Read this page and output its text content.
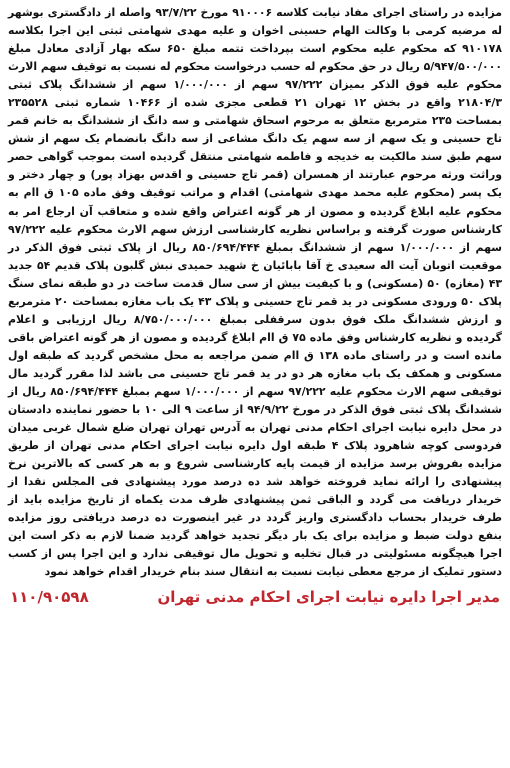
مزایده در راستای اجرای مفاد نیابت کلاسه ۹۱۰۰۰۶ مورخ ۹۳/۷/۲۲ واصله از دادگستری بوشهر له مرضیه کرمی با وکالت الهام حسینی اخوان و علیه مهدی شهامتی ثبتی این اجرا بکلاسه ۹۱۰۱۷۸ که محکوم علیه محکوم است بپرداخت تتمه مبلغ ۶۵۰ سکه بهار آزادی معادل مبلغ ۵/۹۴۷/۵۰۰/۰۰۰ ریال در حق محکوم له حسب درخواست محکوم له نسبت به توقیف سهم الارث محکوم علیه فوق الذکر بمیزان ۹۷/۲۲۲ سهم از ۱/۰۰۰/۰۰۰ سهم از ششدانگ پلاک ثبتی ۲۱۸۰۴/۳ واقع در بخش ۱۲ تهران ۲۱ قطعی مجزی شده از ۱۰۴۶۶ شماره ثبتی ۲۳۵۵۲۸ بمساحت ۲۳۵ مترمربع متعلق به مرحوم اسحاق شهامتی و سه دانگ از ششدانگ به خانم قمر تاج حسینی و یک سهم از سه سهم یک دانگ مشاعی از سه دانگ بانضمام یک سهم از شش سهم طبق سند مالکیت به خدیجه و فاطمه شهامتی منتقل گردیده است بموجب گواهی حصر وراثت ورثه مرحوم عبارتند از همسران (قمر تاج حسینی و اقدس بهزاد پور) و چهار دختر و یک پسر (محکوم علیه محمد مهدی شهامتی) اقدام و مراتب توقیف وفق ماده ۱۰۵ ق اام به محکوم علیه ابلاغ گردیده و مصون از هر گونه اعتراض واقع شده و متعاقب آن ارجاع امر به کارشناس صورت گرفته و براساس نظریه کارشناسی ارزش سهم الارث محکوم علیه ۹۷/۲۲۲ سهم از ۱/۰۰۰/۰۰۰ سهم از ششدانگ بمبلغ ۸۵۰/۶۹۴/۴۴۴ ریال از پلاک ثبتی فوق الذکر در موقعیت اتوبان آیت اله سعیدی خ آقا بابائیان خ شهید حمیدی نبش گلبون پلاک قدیم ۵۴ جدید ۴۳ (مغازه) ۵۰ (مسکونی) و با کیفیت بیش از سی سال قدمت ساخت در دو طبقه نمای سنگ پلاک ۵۰ ورودی مسکونی در ید قمر تاج حسینی و پلاک ۴۳ یک باب مغازه بمساحت ۲۰ مترمربع و ارزش ششدانگ ملک فوق بدون سرقفلی بمبلغ ۸/۷۵۰/۰۰۰/۰۰۰ ریال ارزیابی و اعلام گردیده و نظریه کارشناس وفق ماده ۷۵ ق اام ابلاغ گردیده و مصون از هر گونه اعتراض باقی مانده است و در راستای ماده ۱۳۸ ق اام ضمن مراجعه به محل مشخص گردید که طبقه اول مسکونی و همکف یک باب مغازه هر دو در ید قمر تاج حسینی می باشد لذا مقرر گردید مال توقیفی سهم الارث محکوم علیه ۹۷/۲۲۲ سهم از ۱/۰۰۰/۰۰۰ سهم بمبلغ ۸۵۰/۶۹۴/۴۴۴ ریال از ششدانگ پلاک ثبتی فوق الذکر در مورخ ۹۴/۹/۲۲ از ساعت ۹ الی ۱۰ با حضور نماینده دادستان در محل دایره نیابت اجرای احکام مدنی تهران به آدرس تهران تهران ضلع شمال غربی میدان فردوسی کوچه شاهرود پلاک ۴ طبقه اول دایره نیابت اجرای احکام مدنی تهران از طریق مزایده بفروش برسد مزایده از قیمت پایه کارشناسی شروع و به هر کسی که بالاترین نرخ پیشنهادی را ارائه نماید فروخته خواهد شد ده درصد مورد پیشنهادی فی المجلس نقدا از خریدار دریافت می گردد و الباقی ثمن پیشنهادی ظرف مدت یکماه از تاریخ مزایده باید از طرف خریدار بحساب دادگستری واریز گردد در غیر اینصورت ده درصد دریافتی روز مزایده بنفع دولت ضبط و مزایده برای یک بار دیگر تجدید خواهد گردید ضمنا لازم به ذکر است این اجرا هیچگونه مسئولیتی در قبال تخلیه و تحویل مال توقیفی ندارد و این اجرا پس از کسب دستور تملیک از مرجع معطی نیابت نسبت به انتقال سند بنام خریدار اقدام خواهد نمود

مدیر اجرا دایره نیابت اجرای احکام مدنی تهران
۱۱۰/۹۰۵۹۸
